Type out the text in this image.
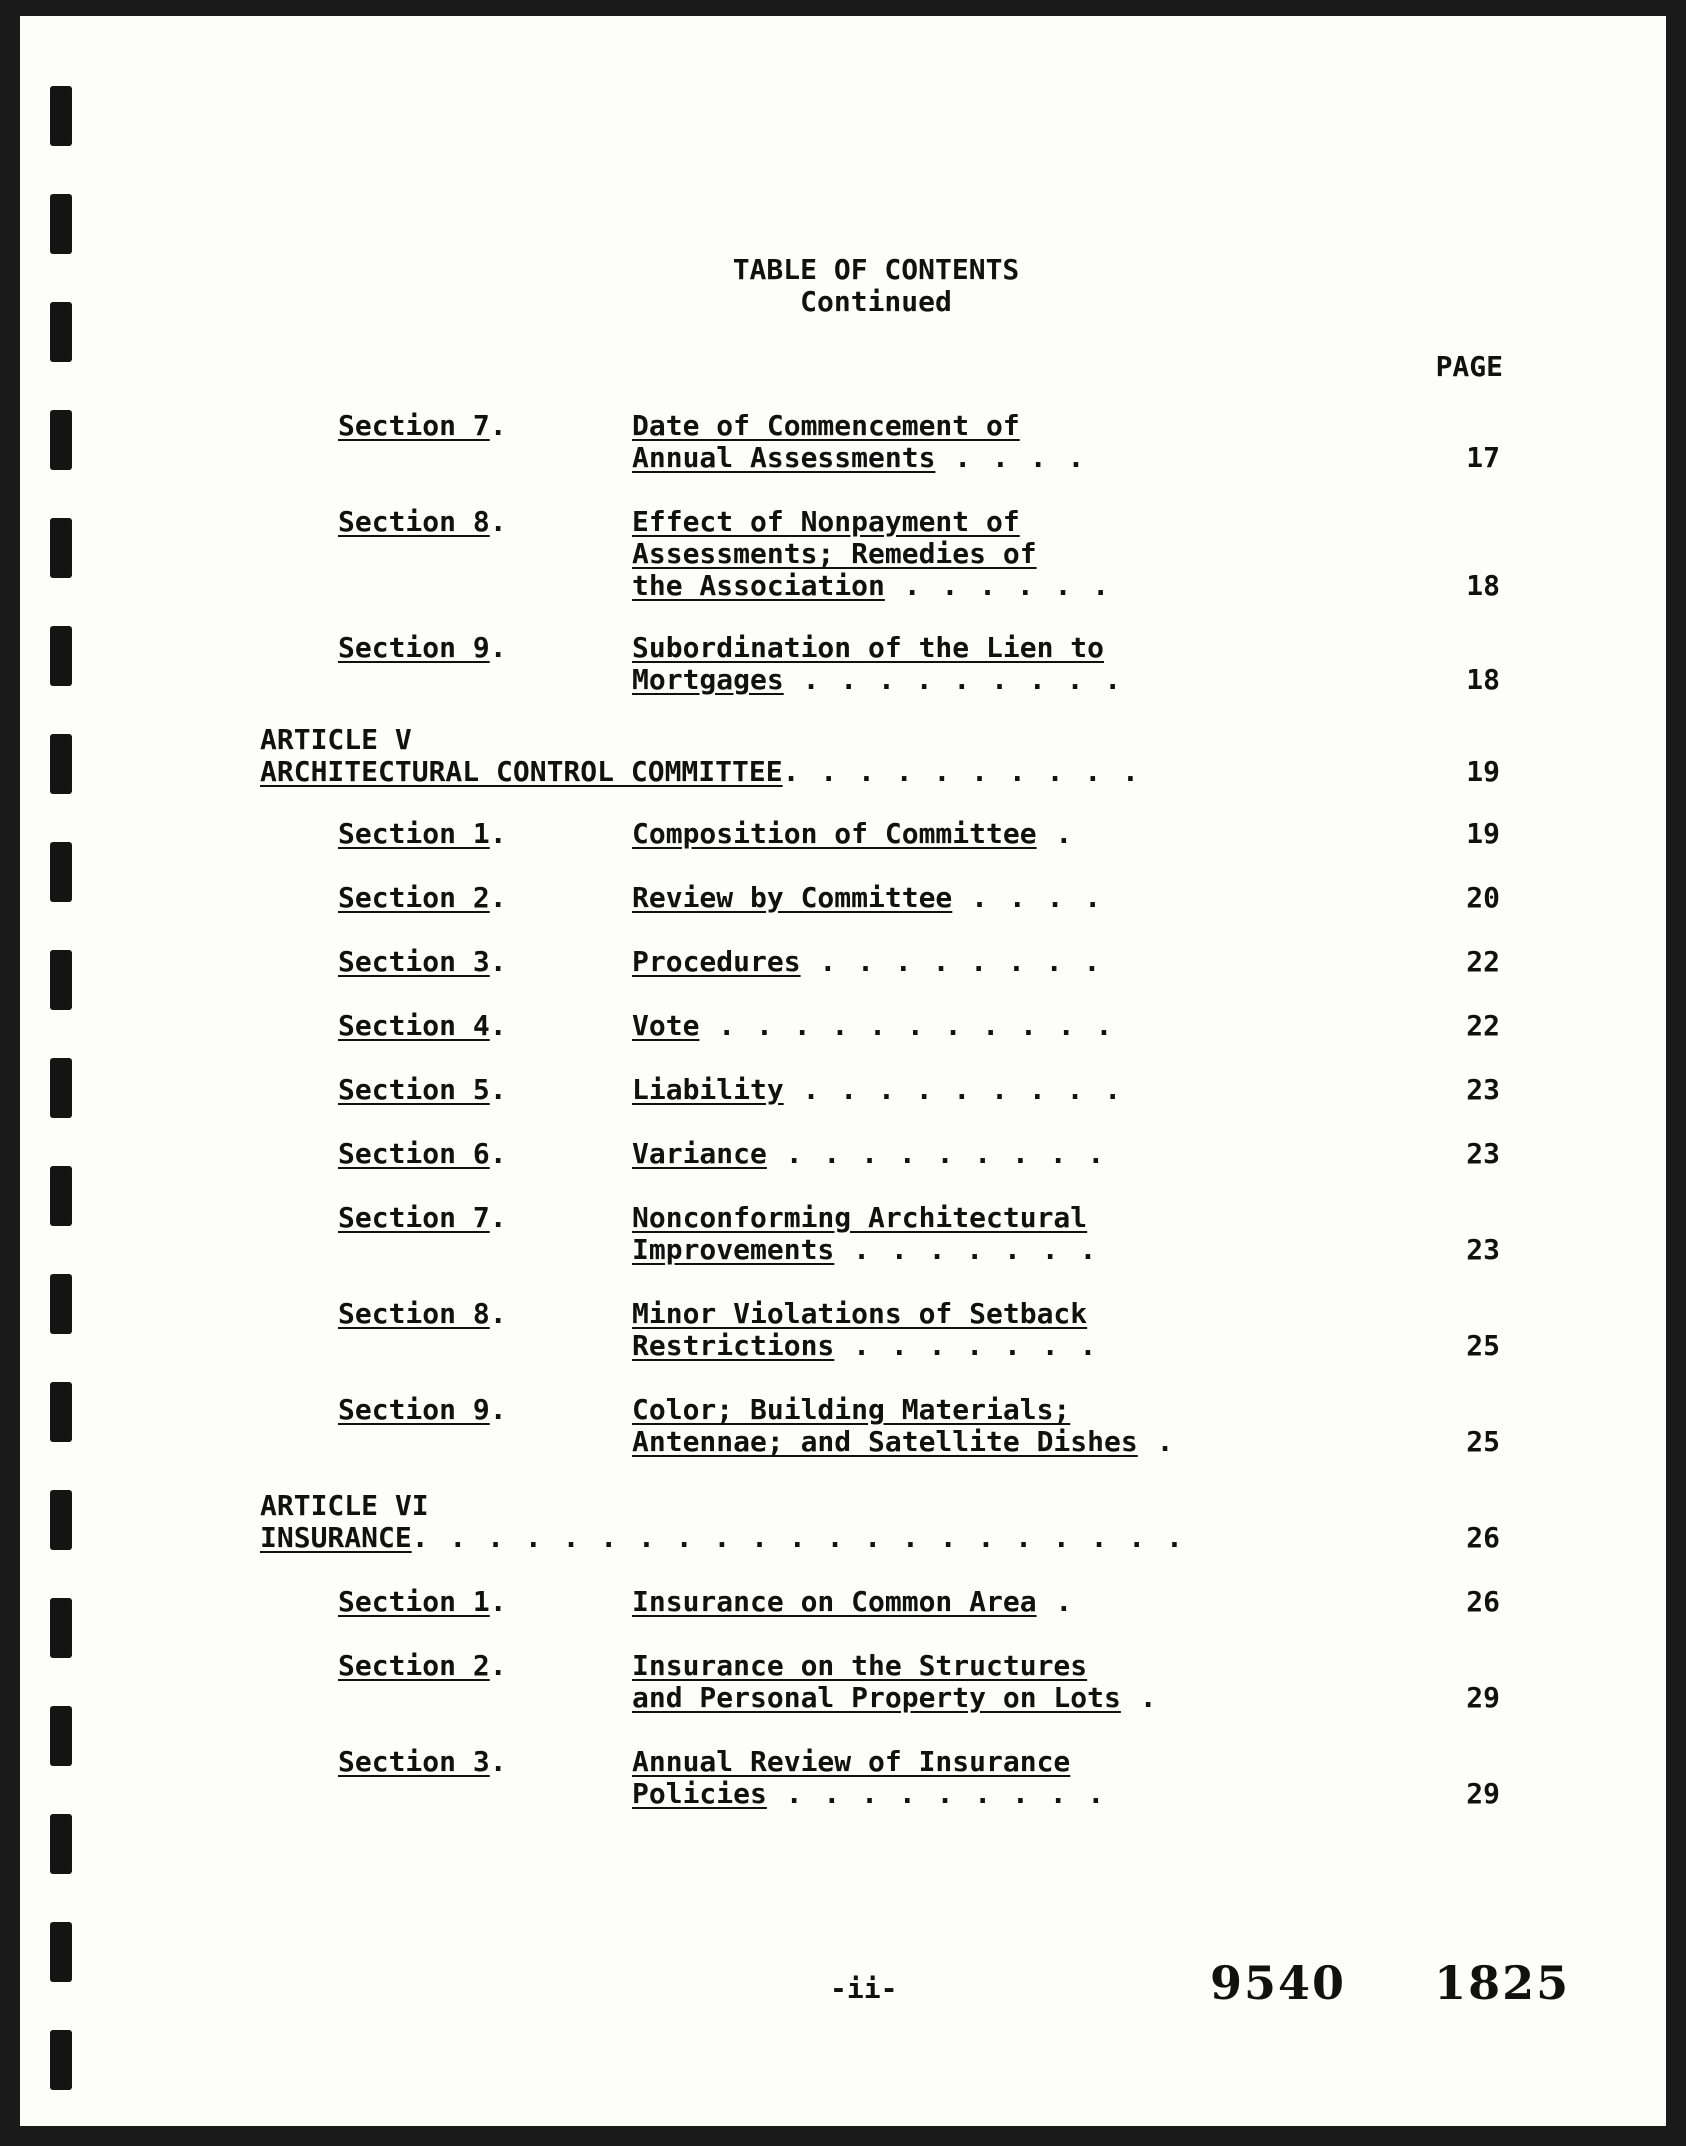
TABLE OF CONTENTS
Continued
PAGE
Section 7.	Date of Commencement of
Annual Assessments . . . .	17
Section 8.	Effect of Nonpayment of
Assessments; Remedies of
the Association . . . . . .	18
Section 9.	Subordination of the Lien to
Mortgages . . . . . . . . .	18
ARTICLE V
ARCHITECTURAL CONTROL COMMITTEE. . . . . . . . . .	19
Section 1.	Composition of Committee .	19
Section 2.	Review by Committee . . . .	20
Section 3.	Procedures . . . . . . . .	22
Section 4.	Vote . . . . . . . . . . .	22
Section 5.	Liability . . . . . . . . .	23
Section 6.	Variance . . . . . . . . .	23
Section 7.	Nonconforming Architectural
Improvements . . . . . . .	23
Section 8.	Minor Violations of Setback
Restrictions . . . . . . .	25
Section 9.	Color; Building Materials;
Antennae; and Satellite Dishes .	25
ARTICLE VI
INSURANCE. . . . . . . . . . . . . . . . . . . . .	26
Section 1.	Insurance on Common Area .	26
Section 2.	Insurance on the Structures
and Personal Property on Lots .	29
Section 3.	Annual Review of Insurance
Policies . . . . . . . . .	29
-ii-	9540 1825
